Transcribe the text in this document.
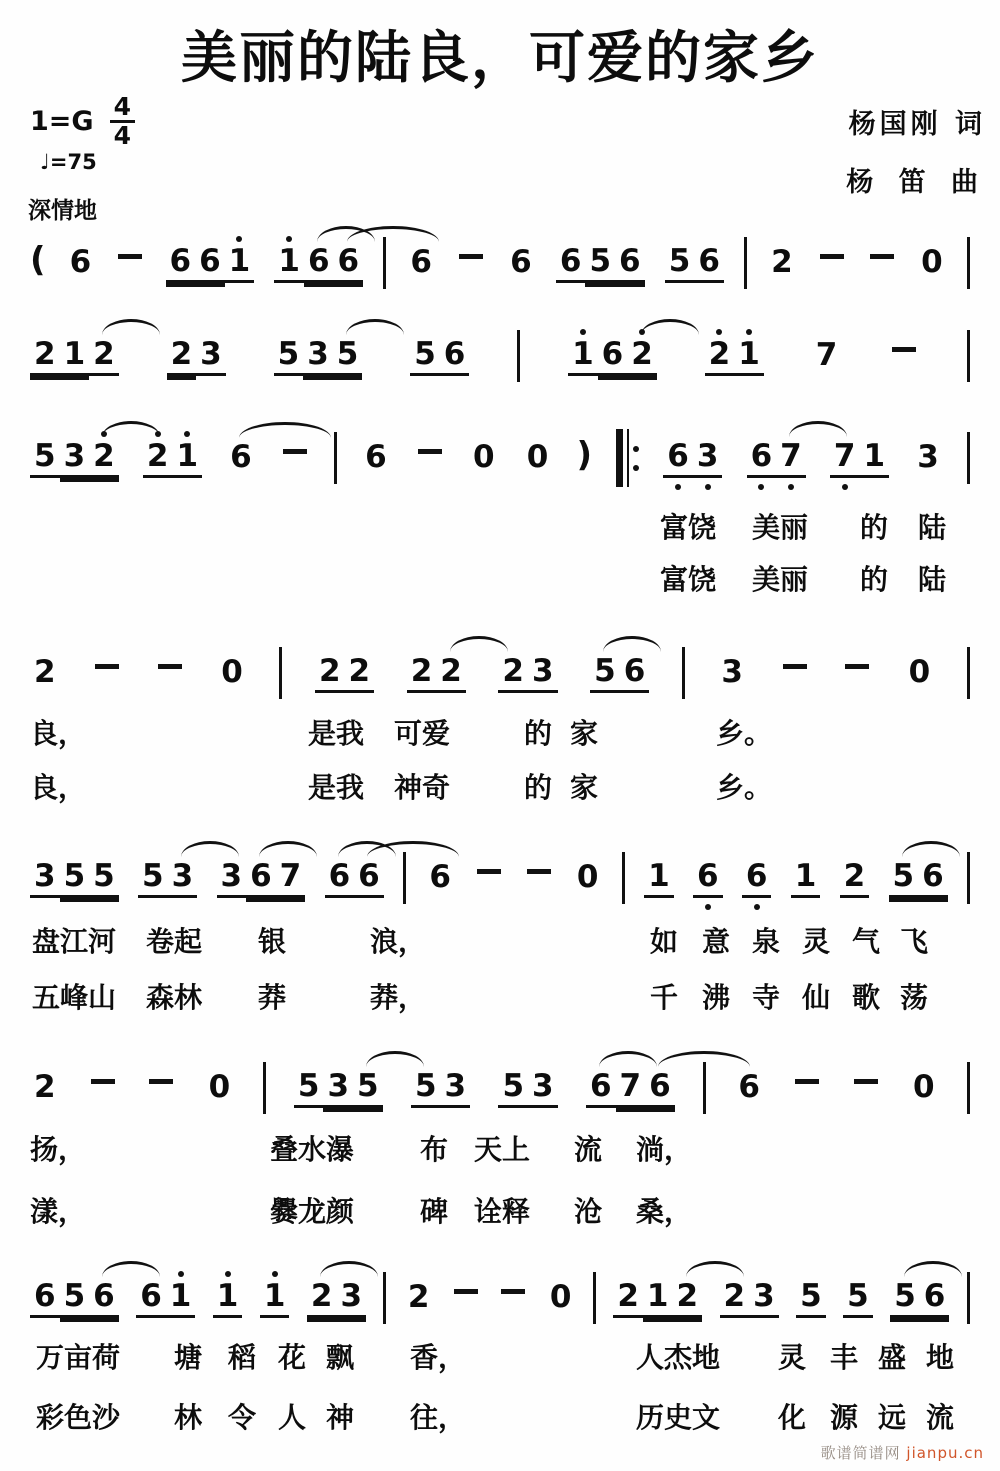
美丽的陆良，可爱的家乡
$1=G \frac{4}{4}$
♩=75
深情地
杨国刚 词
杨 笛 曲
( 6	6 6 1 1 6 6 6	6 6 5 6 5 6 2	0
2 1 2 2 3 5 3 5 5 6	1 6 2 2 1 7
5 3 2 2 1 6	6	0 0 ) 6 3 6 7 7 1 3
2	0 2 2 2 2 2 3 5 6 3	0
3 5 5 5 3 3 6 7 6 6 6	0 1 6 6 1 2 5 6
2	0 5 3 5 5 3 5 3 6 7 6 6	0
6 5 6 6 1 1 1 2 3 2	0 2 1 2 2 3 5 5 5 6
富饶 美丽 的 陆
富饶 美丽 的 陆
良，	是我 可爱	的 家	乡。
良，	是我 神奇	的 家	乡。
盘江河 卷起 银	浪，	如 意 泉 灵 气 飞
五峰山 森林 莽	莽，	千 沸 寺 仙 歌 荡
扬，	叠水瀑 布 天上 流 淌，
漾，	爨龙颜 碑 诠释 沧 桑，
万亩荷 塘 稻 花 飘 香，	人杰地 灵 丰 盛 地
彩色沙 林 令 人 神 往，	历史文 化 源 远 流
歌谱简谱网 jianpu.cn
